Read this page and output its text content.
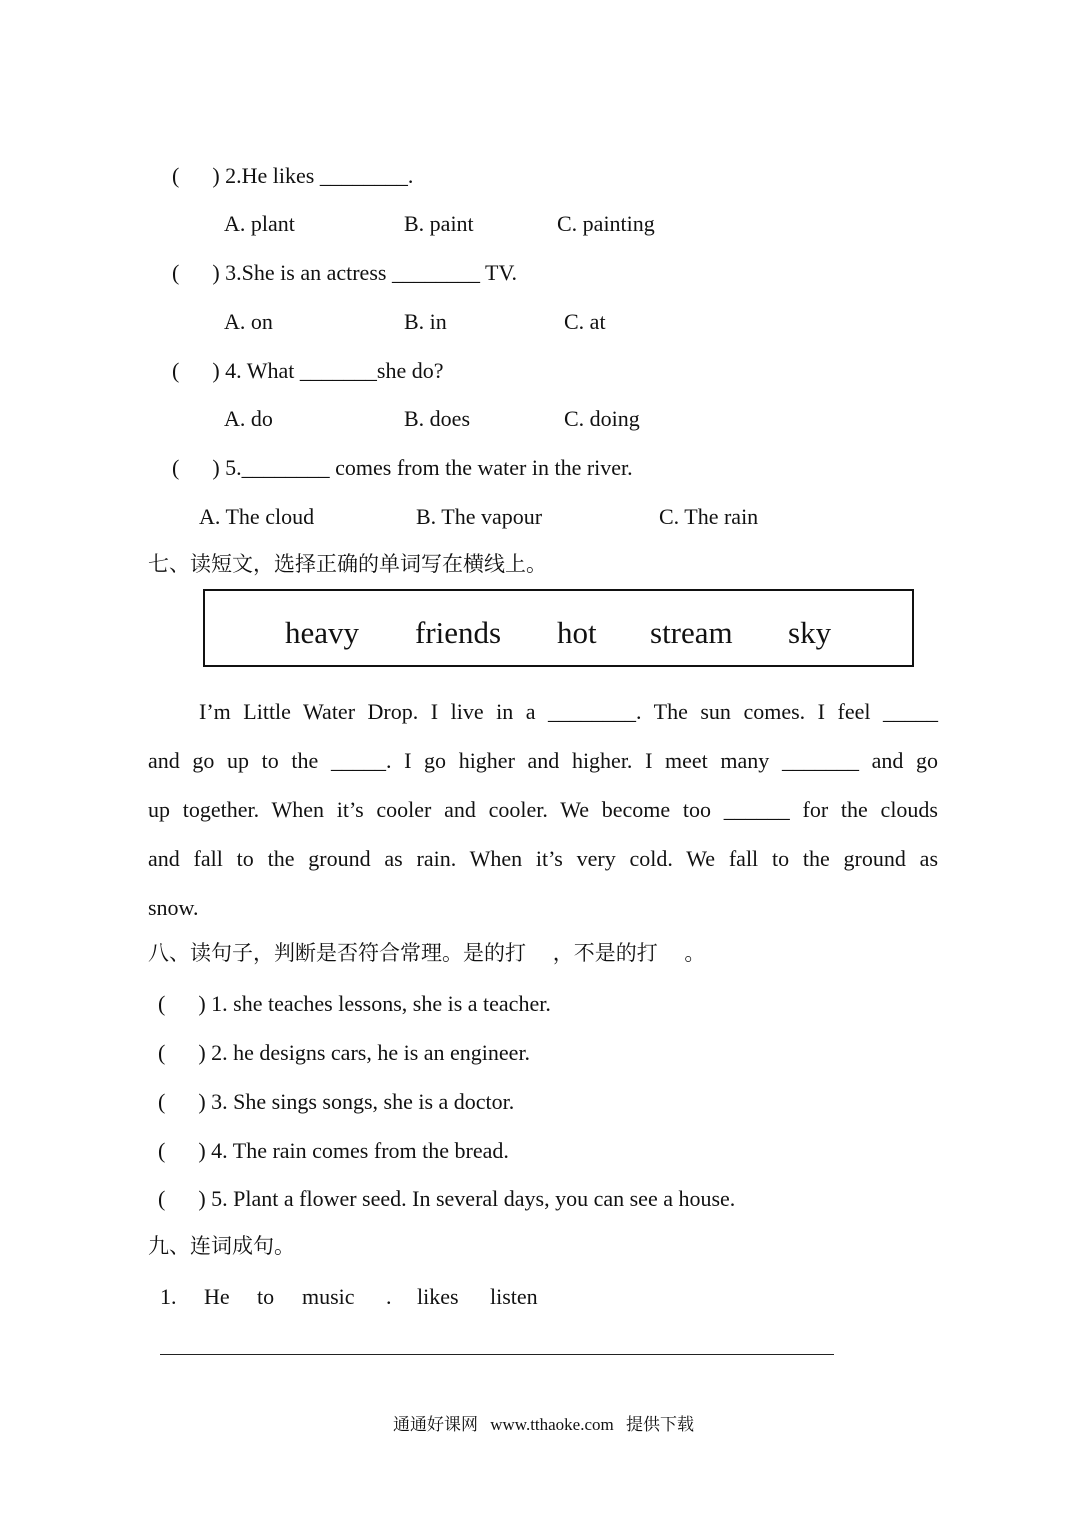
(      ) 2.He likes ________.
A. plant	B. paint	C. painting
(      ) 3.She is an actress ________ TV.
A. on	B. in	C. at
(      ) 4. What _______she do?
A. do	B. does	C. doing
(      ) 5.________ comes from the water in the river.
A. The cloud	B. The vapour	C. The rain
七、读短文，选择正确的单词写在横线上。
heavy friends hot stream sky
I’m Little Water Drop. I live in a ________. The sun comes. I feel _____
and go up to the _____. I go higher and higher. I meet many _______ and go
up together. When it’s cooler and cooler. We become too ______ for the clouds
and fall to the ground as rain. When it’s very cold. We fall to the ground as
snow.
八、读句子，判断是否符合常理。是的打    ，不是的打    。
(      ) 1. she teaches lessons, she is a teacher.
(      ) 2. he designs cars, he is an engineer.
(      ) 3. She sings songs, she is a doctor.
(      ) 4. The rain comes from the bread.
(      ) 5. Plant a flower seed. In several days, you can see a house.
九、连词成句。
1. He to music . likes listen
通通好课网 www.tthaoke.com 提供下载
